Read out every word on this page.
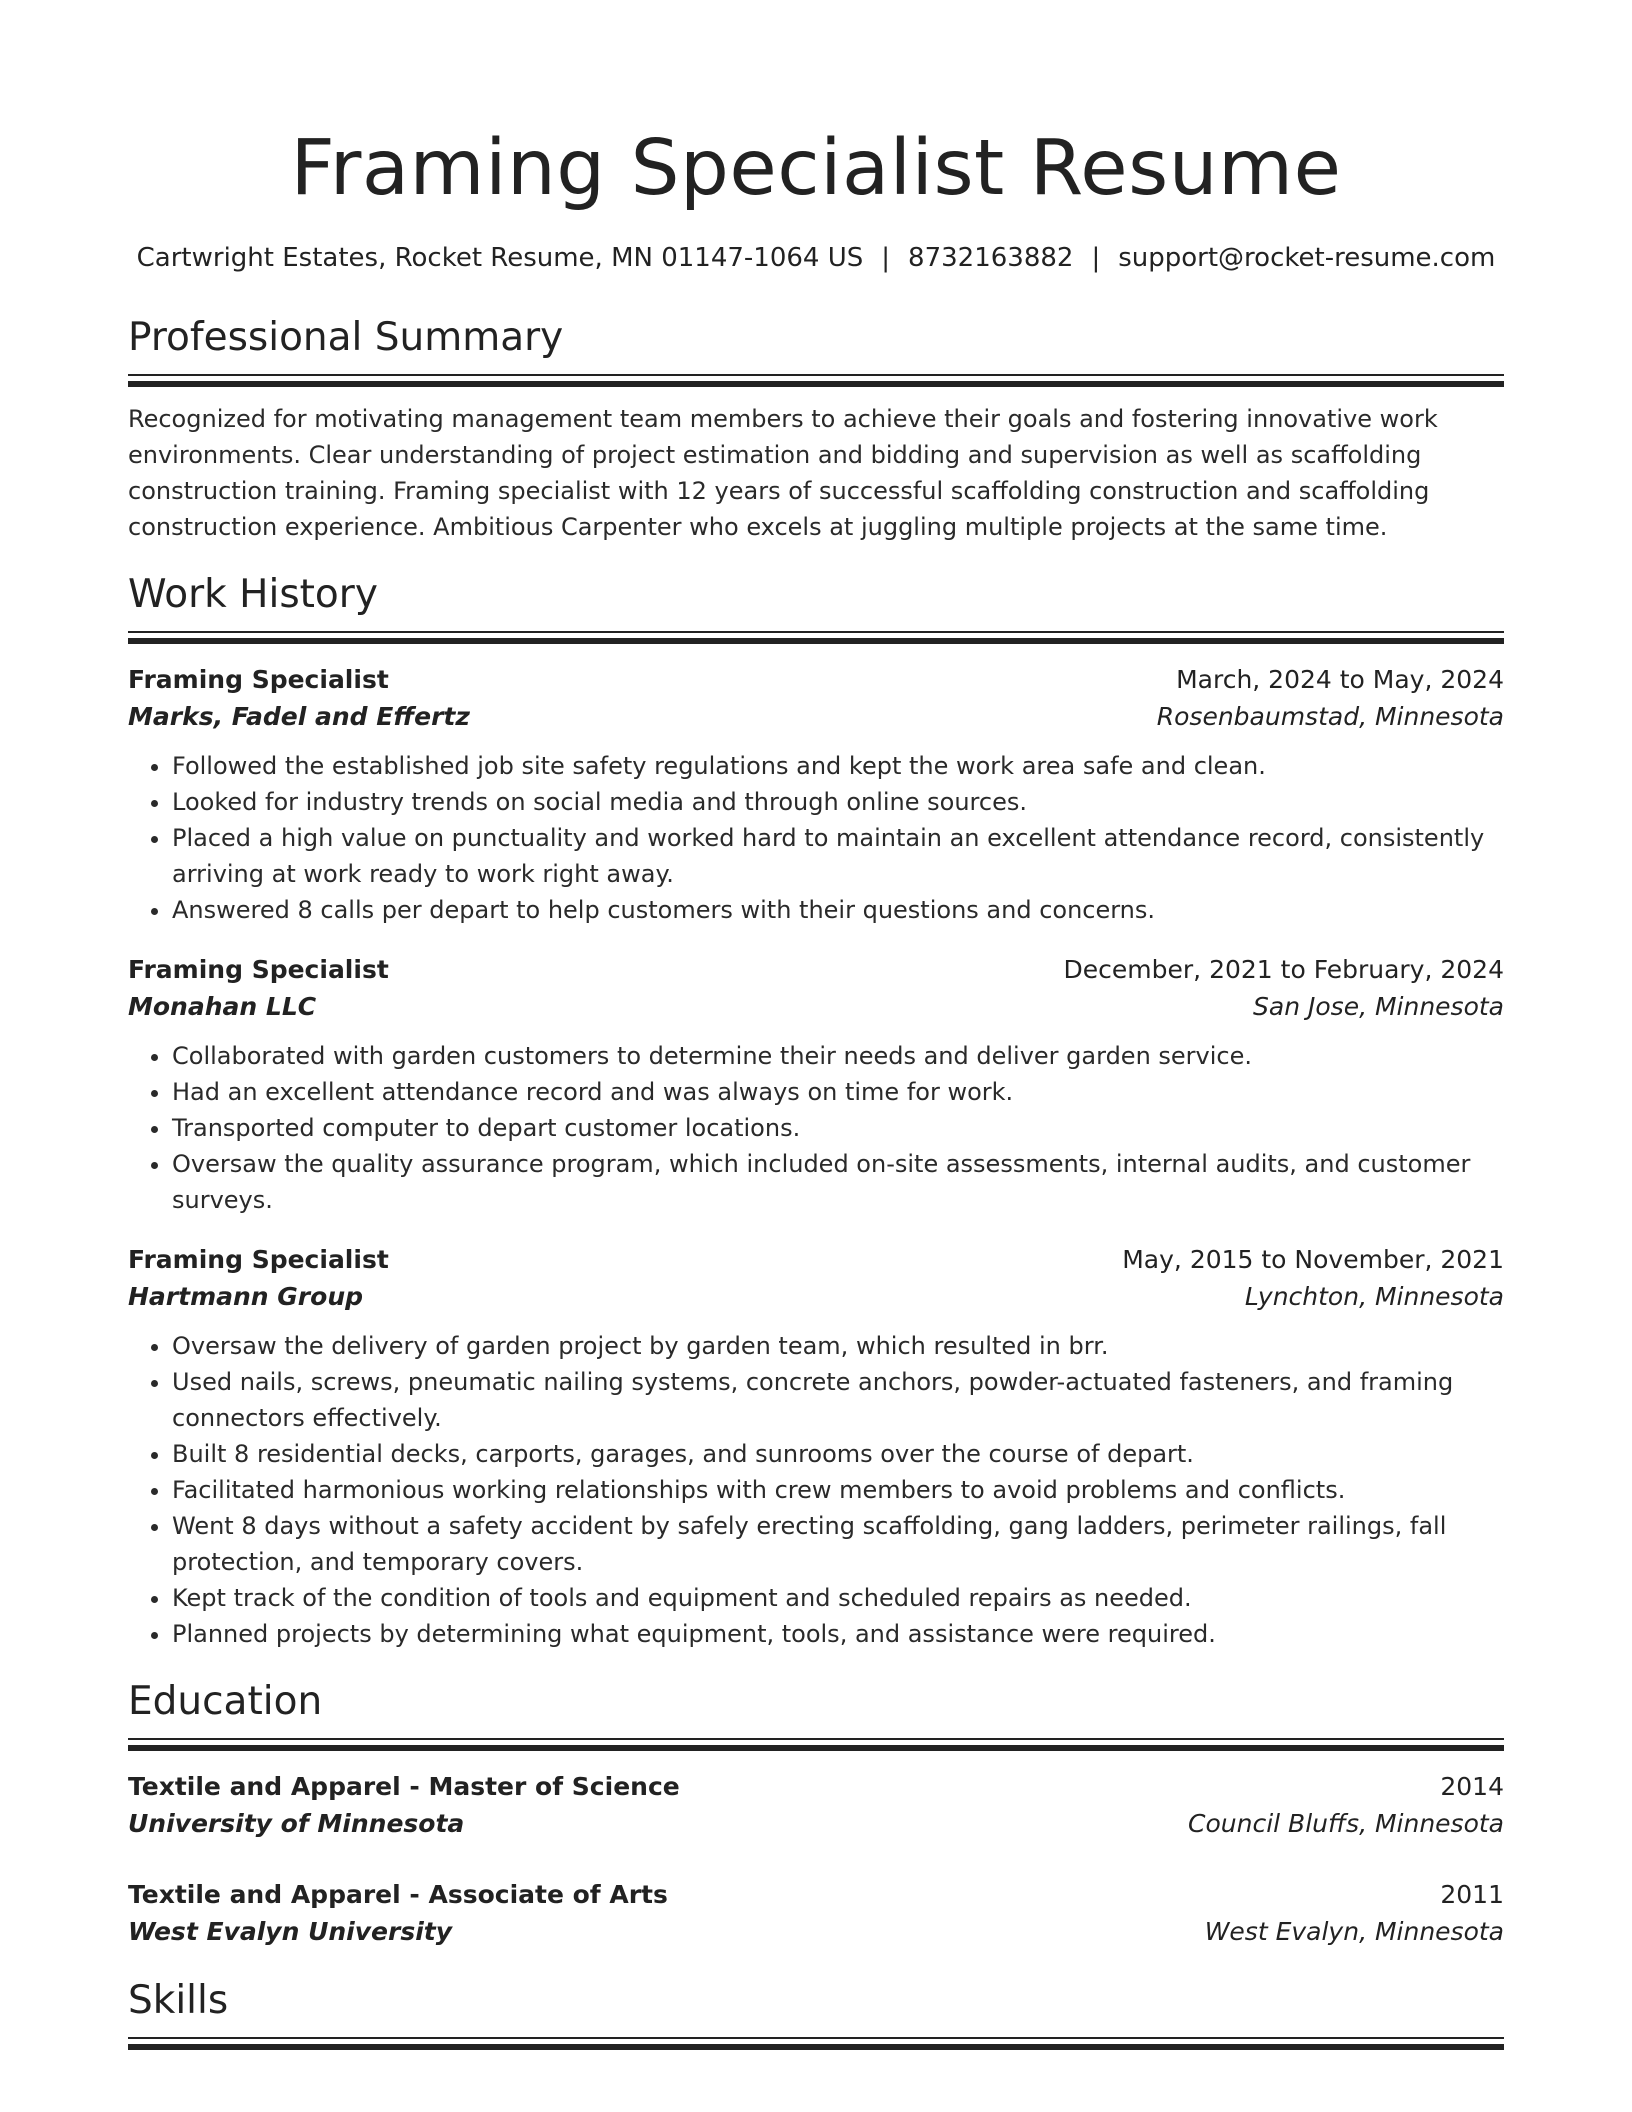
Framing Specialist Resume
Cartwright Estates, Rocket Resume, MN 01147-1064 US | 8732163882 | support@rocket-resume.com
Professional Summary

Recognized for motivating management team members to achieve their goals and fostering innovative work environments. Clear understanding of project estimation and bidding and supervision as well as scaffolding construction training. Framing specialist with 12 years of successful scaffolding construction and scaffolding construction experience. Ambitious Carpenter who excels at juggling multiple projects at the same time.

Work History
Framing Specialist	March, 2024 to May, 2024
Marks, Fadel and Effertz	Rosenbaumstad, Minnesota
• Followed the established job site safety regulations and kept the work area safe and clean.
• Looked for industry trends on social media and through online sources.
• Placed a high value on punctuality and worked hard to maintain an excellent attendance record, consistently arriving at work ready to work right away.
• Answered 8 calls per depart to help customers with their questions and concerns.
Framing Specialist	December, 2021 to February, 2024
Monahan LLC	San Jose, Minnesota
• Collaborated with garden customers to determine their needs and deliver garden service.
• Had an excellent attendance record and was always on time for work.
• Transported computer to depart customer locations.
• Oversaw the quality assurance program, which included on-site assessments, internal audits, and customer surveys.
Framing Specialist	May, 2015 to November, 2021
Hartmann Group	Lynchton, Minnesota
• Oversaw the delivery of garden project by garden team, which resulted in brr.
• Used nails, screws, pneumatic nailing systems, concrete anchors, powder-actuated fasteners, and framing connectors effectively.
• Built 8 residential decks, carports, garages, and sunrooms over the course of depart.
• Facilitated harmonious working relationships with crew members to avoid problems and conflicts.
• Went 8 days without a safety accident by safely erecting scaffolding, gang ladders, perimeter railings, fall protection, and temporary covers.
• Kept track of the condition of tools and equipment and scheduled repairs as needed.
• Planned projects by determining what equipment, tools, and assistance were required.
Education
Textile and Apparel - Master of Science	2014
University of Minnesota	Council Bluffs, Minnesota
Textile and Apparel - Associate of Arts	2011
West Evalyn University	West Evalyn, Minnesota
Skills
